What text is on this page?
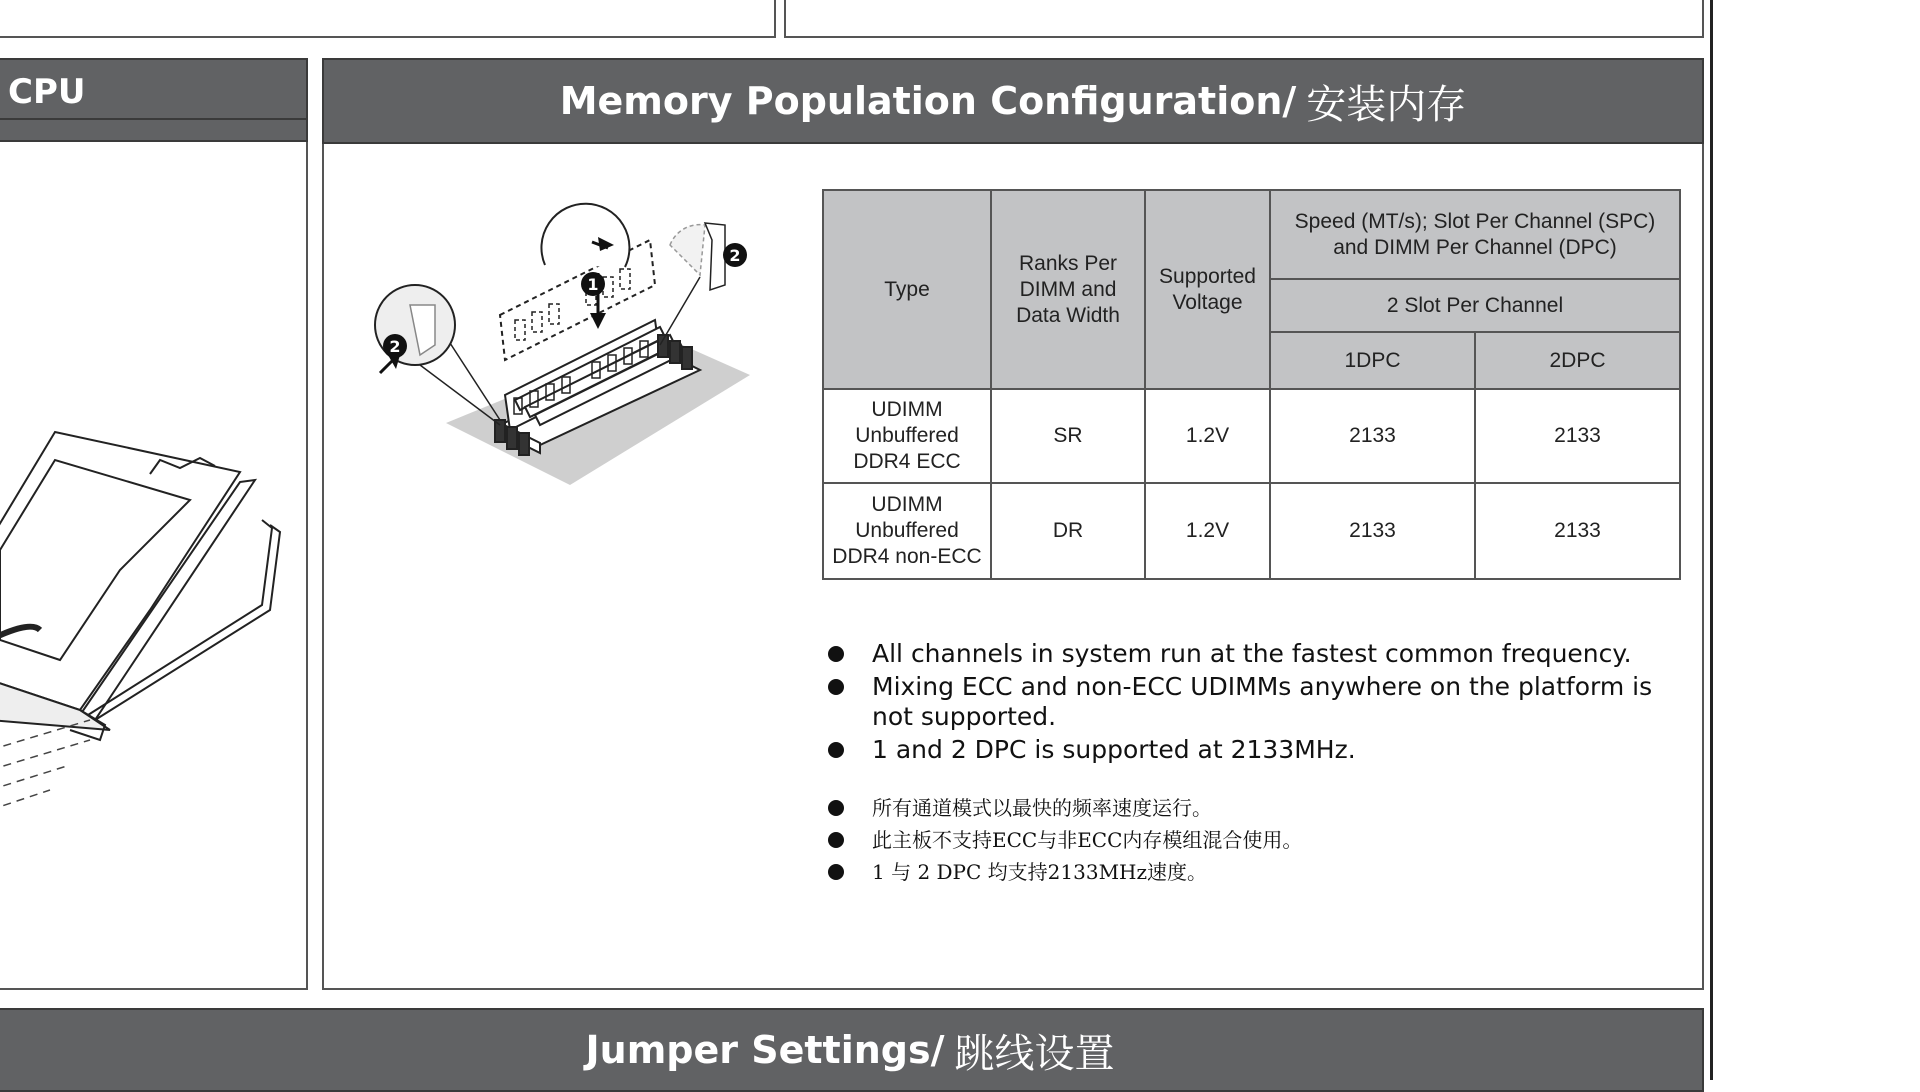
CPU	Memory Population Configuration/ 安装内存
1
2
2
Type	Ranks Per DIMM and Data Width	Supported Voltage	Speed (MT/s); Slot Per Channel (SPC) and DIMM Per Channel (DPC)	
			2 Slot Per Channel	
			1DPC	2DPC
UDIMM Unbuffered DDR4 ECC	SR	1.2V	2133	2133
UDIMM Unbuffered DDR4 non-ECC	DR	1.2V	2133	2133
All channels in system run at the fastest common frequency.
Mixing ECC and non-ECC UDIMMs anywhere on the platform is not supported.
1 and 2 DPC is supported at 2133MHz.
所有通道模式以最快的频率速度运行。
此主板不支持ECC与非ECC内存模组混合使用。
1 与 2 DPC 均支持2133MHz速度。
Jumper Settings/ 跳线设置
